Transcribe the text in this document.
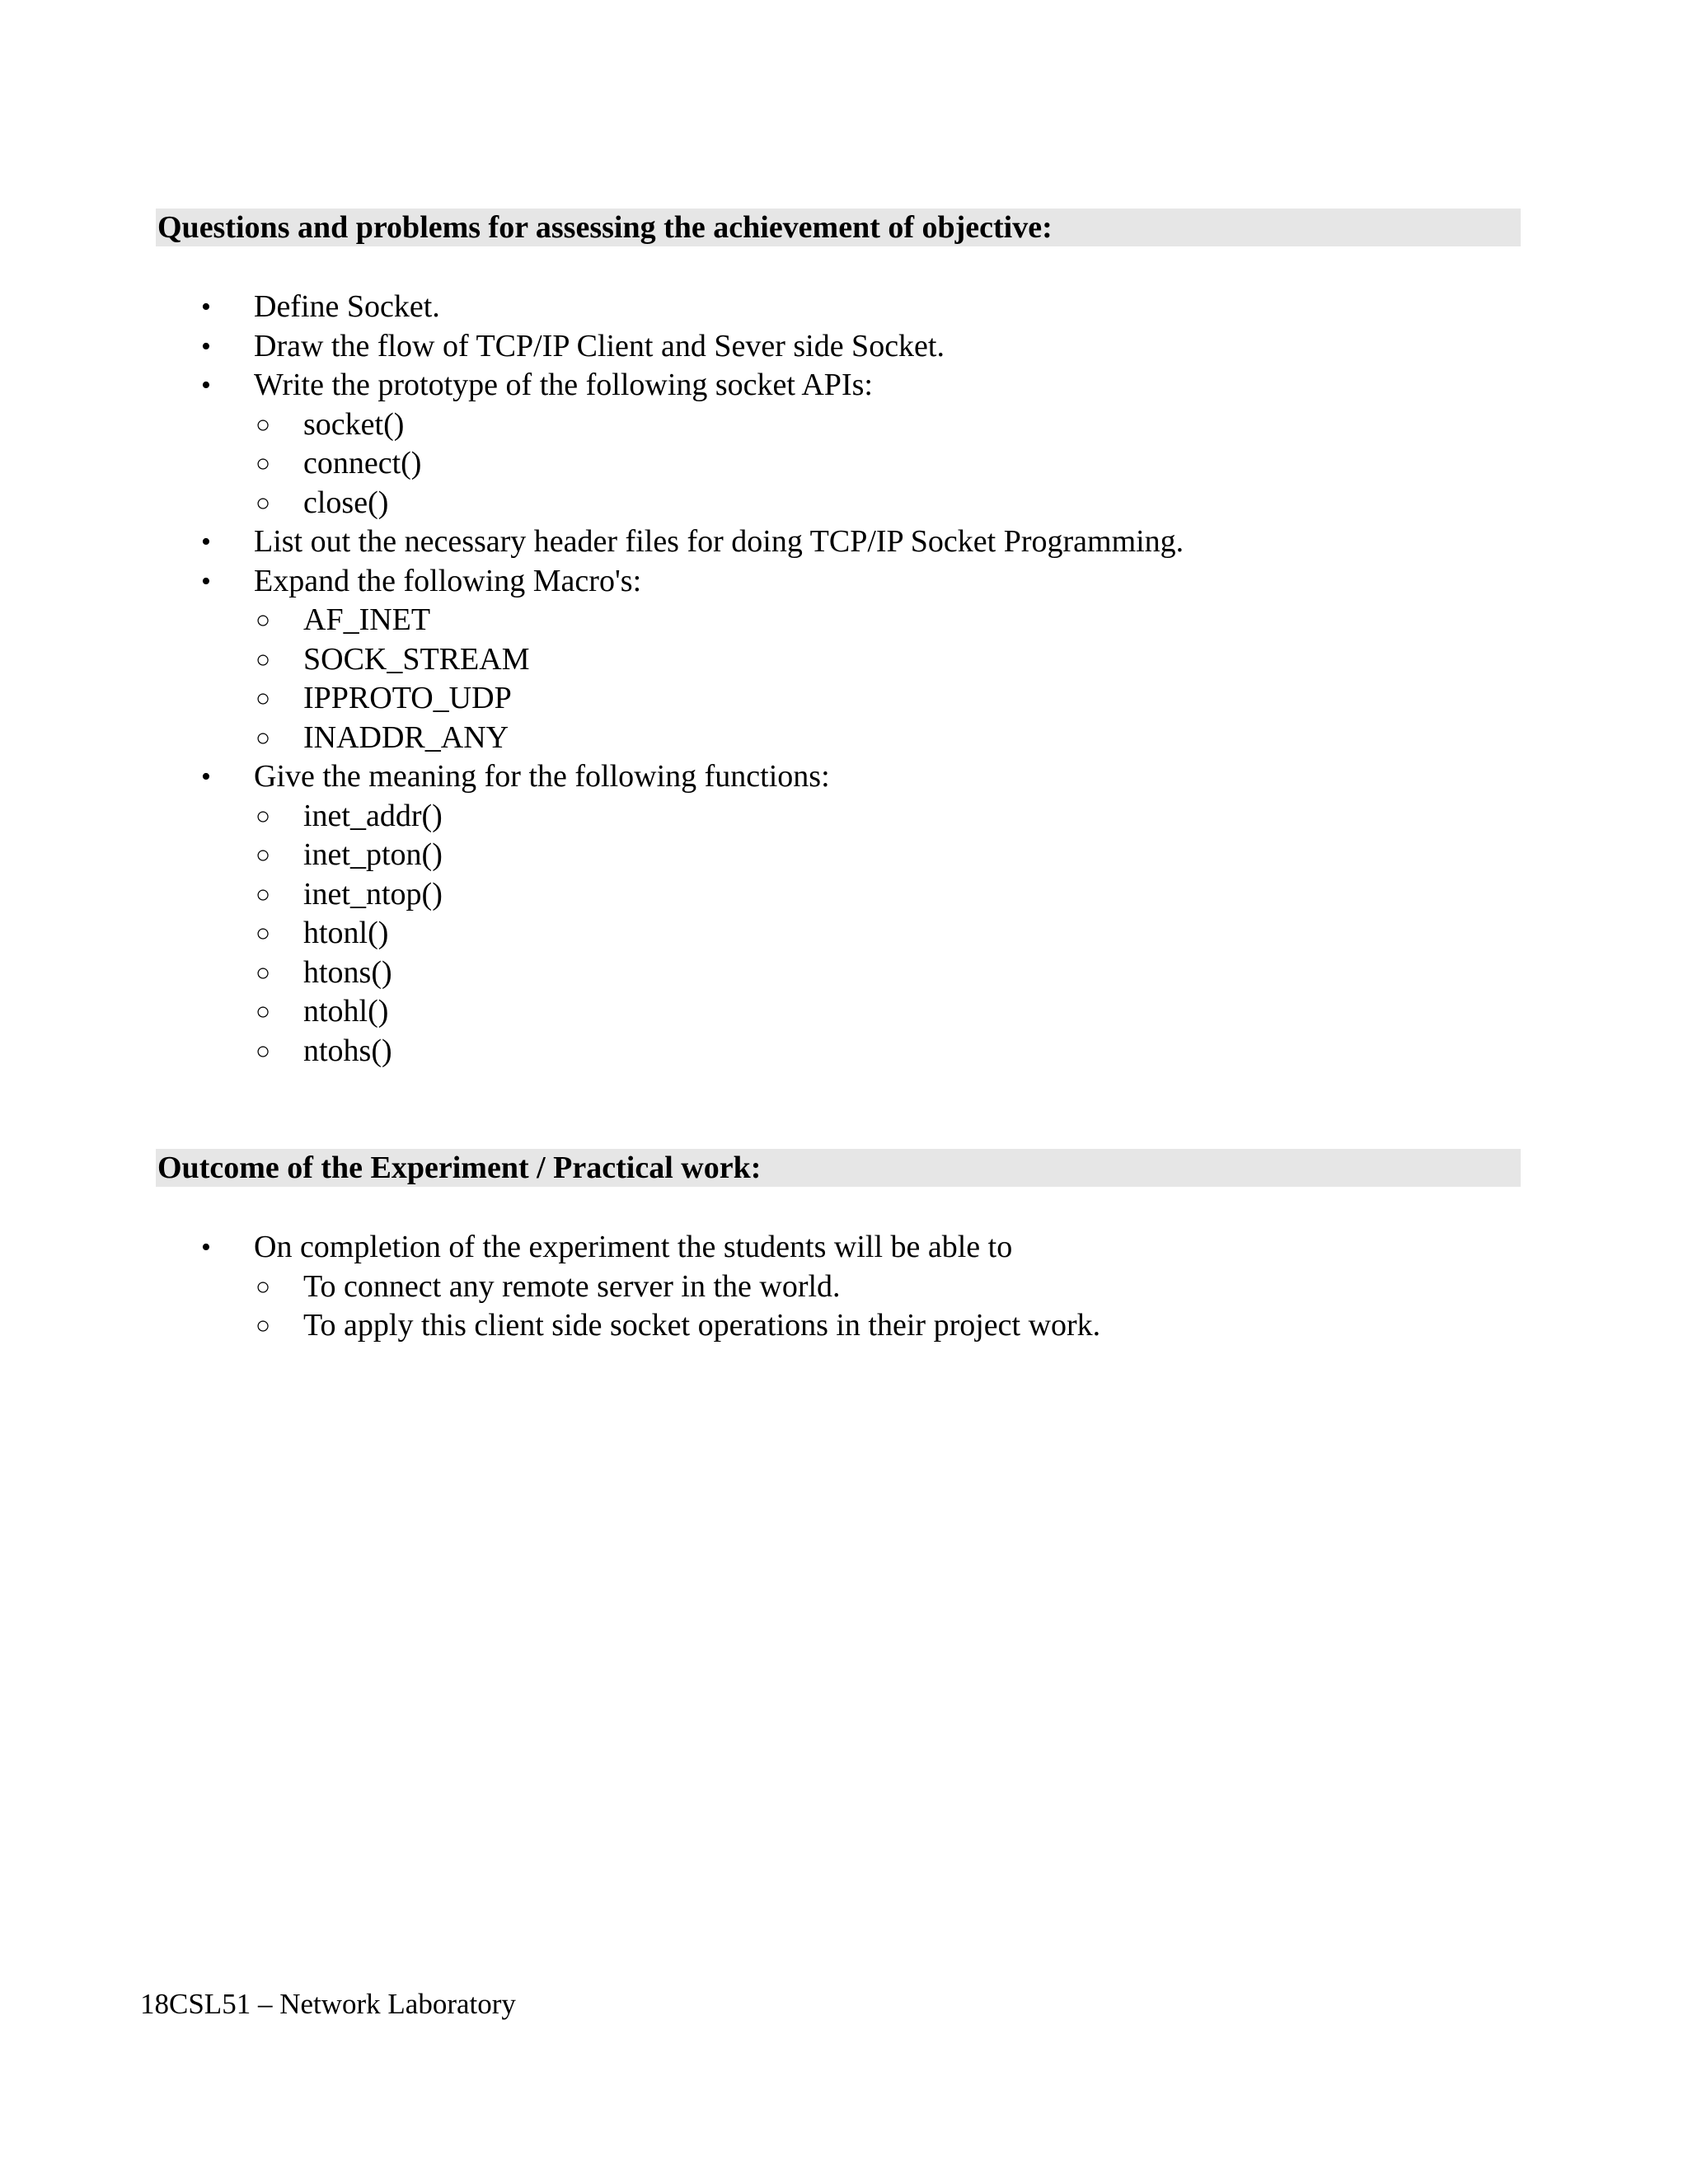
Questions and problems for assessing the achievement of objective:
• Define Socket.
• Draw the flow of TCP/IP Client and Sever side Socket.
• Write the prototype of the following socket APIs:
○ socket()
○ connect()
○ close()
• List out the necessary header files for doing TCP/IP Socket Programming.
• Expand the following Macro's:
○ AF_INET
○ SOCK_STREAM
○ IPPROTO_UDP
○ INADDR_ANY
• Give the meaning for the following functions:
○ inet_addr()
○ inet_pton()
○ inet_ntop()
○ htonl()
○ htons()
○ ntohl()
○ ntohs()
Outcome of the Experiment / Practical work:
• On completion of the experiment the students will be able to
○ To connect any remote server in the world.
○ To apply this client side socket operations in their project work.
18CSL51 – Network Laboratory
